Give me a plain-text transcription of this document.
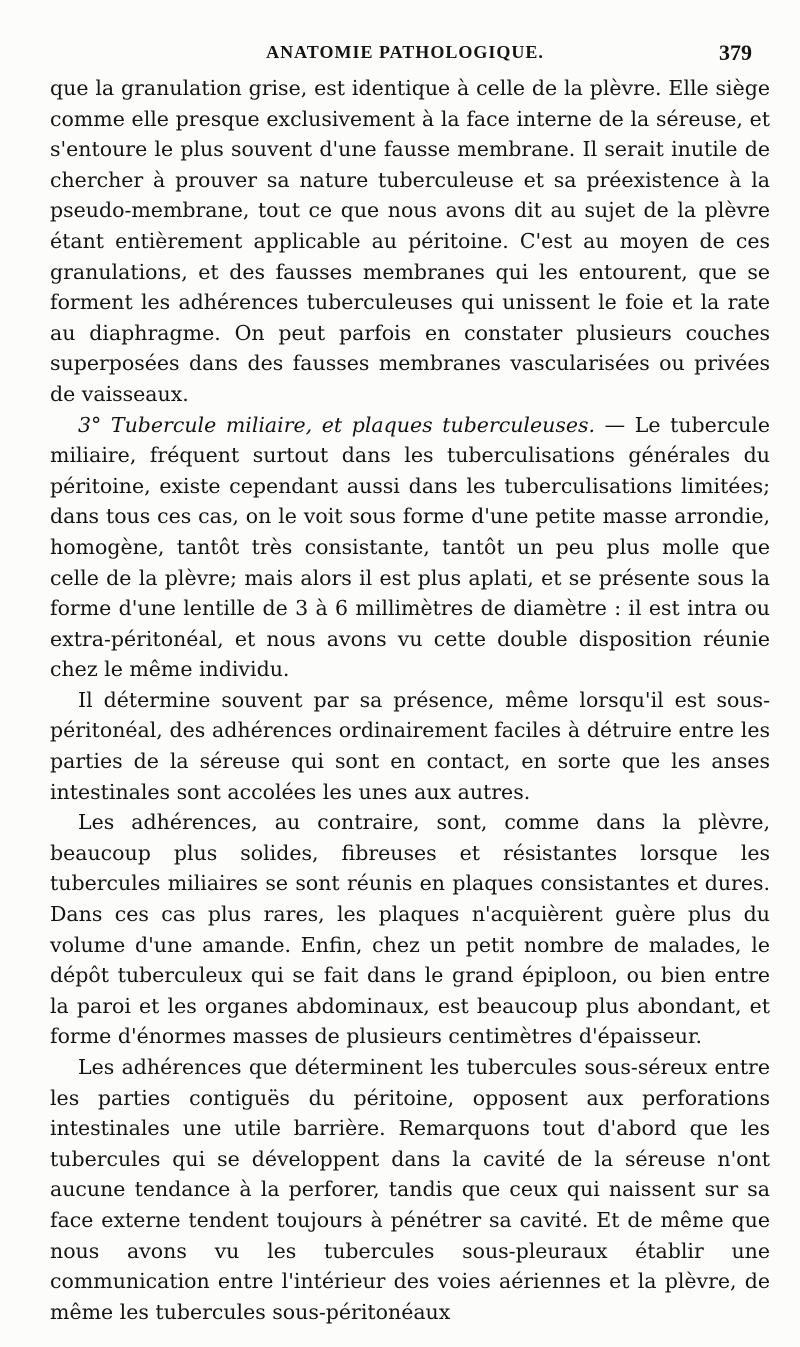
ANATOMIE PATHOLOGIQUE.	379

que la granulation grise, est identique à celle de la plèvre. Elle siège comme elle presque exclusivement à la face interne de la séreuse, et s'entoure le plus souvent d'une fausse membrane. Il serait inutile de chercher à prouver sa nature tuberculeuse et sa préexistence à la pseudo-membrane, tout ce que nous avons dit au sujet de la plèvre étant entièrement applicable au péritoine. C'est au moyen de ces granulations, et des fausses membranes qui les entourent, que se forment les adhérences tuberculeuses qui unissent le foie et la rate au diaphragme. On peut parfois en constater plusieurs couches superposées dans des fausses membranes vascularisées ou privées de vaisseaux.

3° Tubercule miliaire, et plaques tuberculeuses. — Le tubercule miliaire, fréquent surtout dans les tuberculisations générales du péritoine, existe cependant aussi dans les tuberculisations limitées; dans tous ces cas, on le voit sous forme d'une petite masse arrondie, homogène, tantôt très consistante, tantôt un peu plus molle que celle de la plèvre; mais alors il est plus aplati, et se présente sous la forme d'une lentille de 3 à 6 millimètres de diamètre : il est intra ou extra-péritonéal, et nous avons vu cette double disposition réunie chez le même individu.

Il détermine souvent par sa présence, même lorsqu'il est sous-péritonéal, des adhérences ordinairement faciles à détruire entre les parties de la séreuse qui sont en contact, en sorte que les anses intestinales sont accolées les unes aux autres.

Les adhérences, au contraire, sont, comme dans la plèvre, beaucoup plus solides, fibreuses et résistantes lorsque les tubercules miliaires se sont réunis en plaques consistantes et dures. Dans ces cas plus rares, les plaques n'acquièrent guère plus du volume d'une amande. Enfin, chez un petit nombre de malades, le dépôt tuberculeux qui se fait dans le grand épiploon, ou bien entre la paroi et les organes abdominaux, est beaucoup plus abondant, et forme d'énormes masses de plusieurs centimètres d'épaisseur.

Les adhérences que déterminent les tubercules sous-séreux entre les parties contiguës du péritoine, opposent aux perforations intestinales une utile barrière. Remarquons tout d'abord que les tubercules qui se développent dans la cavité de la séreuse n'ont aucune tendance à la perforer, tandis que ceux qui naissent sur sa face externe tendent toujours à pénétrer sa cavité. Et de même que nous avons vu les tubercules sous-pleuraux établir une communication entre l'intérieur des voies aériennes et la plèvre, de même les tubercules sous-péritonéaux
